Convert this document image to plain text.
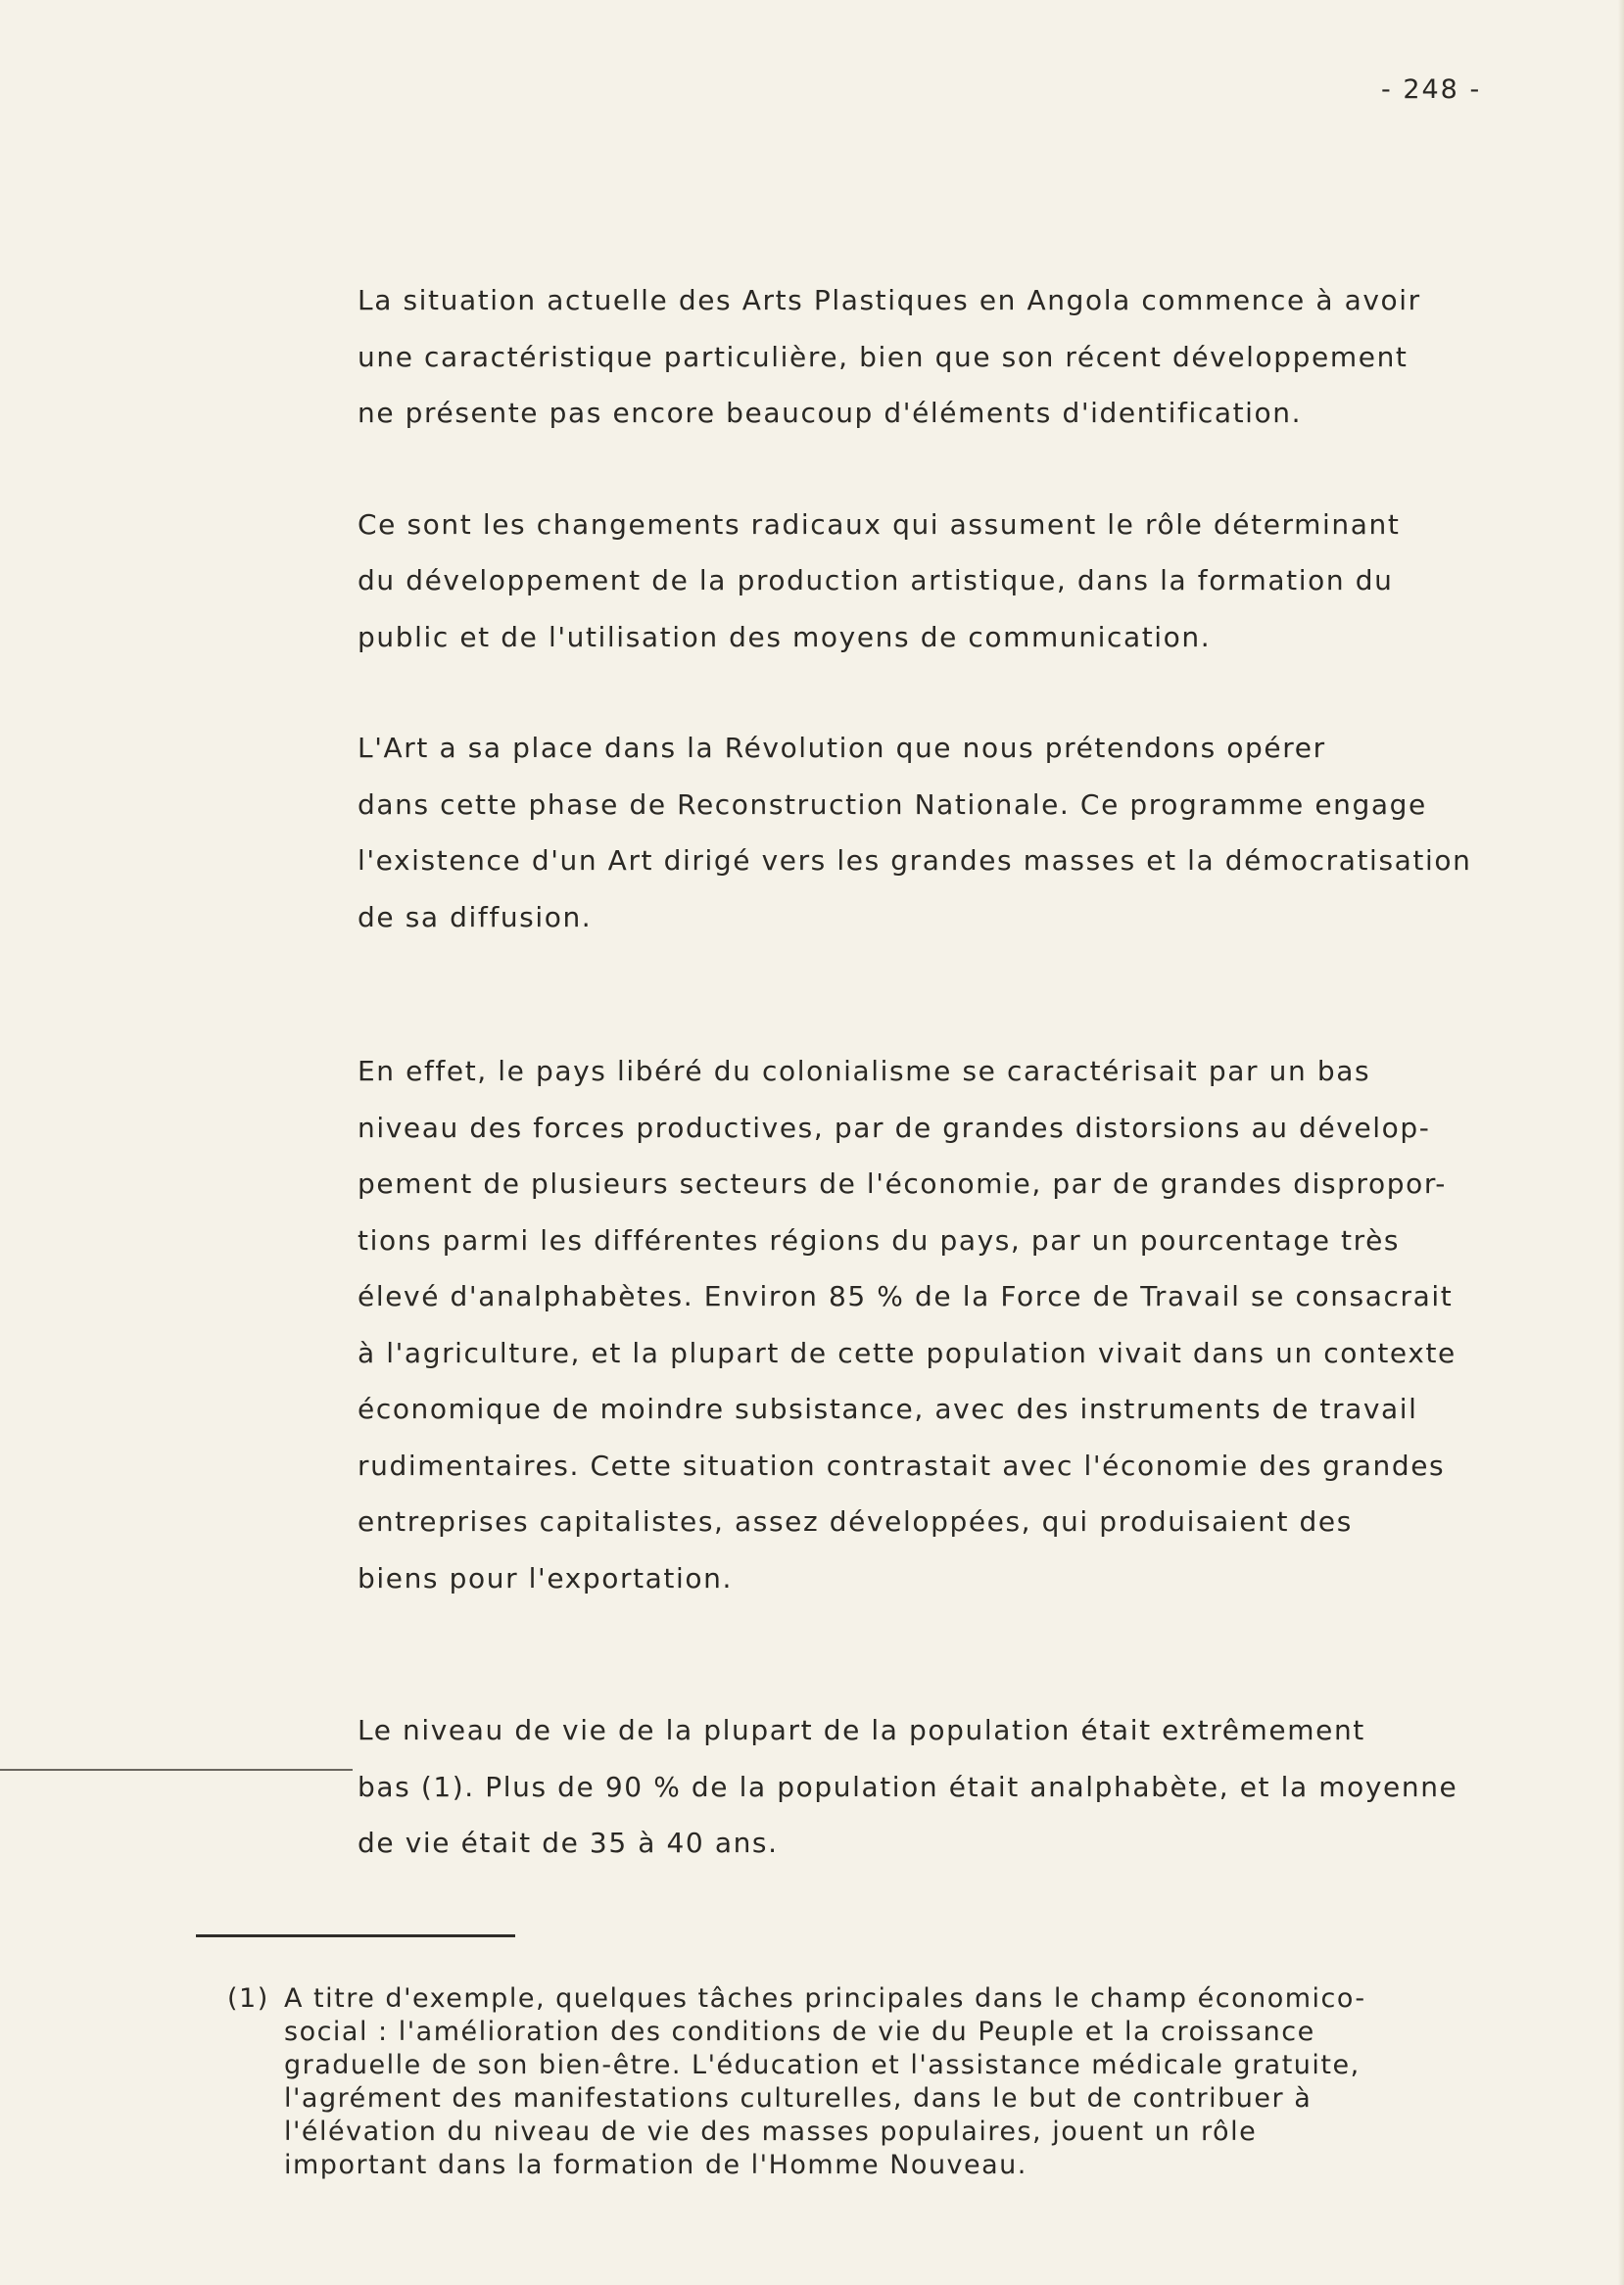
- 248 -
La situation actuelle des Arts Plastiques en Angola commence à avoir
une caractéristique particulière, bien que son récent développement
ne présente pas encore beaucoup d'éléments d'identification.
Ce sont les changements radicaux qui assument le rôle déterminant
du développement de la production artistique, dans la formation du
public et de l'utilisation des moyens de communication.
L'Art a sa place dans la Révolution que nous prétendons opérer
dans cette phase de Reconstruction Nationale. Ce programme engage
l'existence d'un Art dirigé vers les grandes masses et la démocratisation
de sa diffusion.
En effet, le pays libéré du colonialisme se caractérisait par un bas
niveau des forces productives, par de grandes distorsions au dévelop-
pement de plusieurs secteurs de l'économie, par de grandes dispropor-
tions parmi les différentes régions du pays, par un pourcentage très
élevé d'analphabètes. Environ 85 % de la Force de Travail se consacrait
à l'agriculture, et la plupart de cette population vivait dans un contexte
économique de moindre subsistance, avec des instruments de travail
rudimentaires. Cette situation contrastait avec l'économie des grandes
entreprises capitalistes, assez développées, qui produisaient des
biens pour l'exportation.
Le niveau de vie de la plupart de la population était extrêmement
bas (1). Plus de 90 % de la population était analphabète, et la moyenne
de vie était de 35 à 40 ans.
(1) A titre d'exemple, quelques tâches principales dans le champ économico-
social : l'amélioration des conditions de vie du Peuple et la croissance
graduelle de son bien-être. L'éducation et l'assistance médicale gratuite,
l'agrément des manifestations culturelles, dans le but de contribuer à
l'élévation du niveau de vie des masses populaires, jouent un rôle
important dans la formation de l'Homme Nouveau.
